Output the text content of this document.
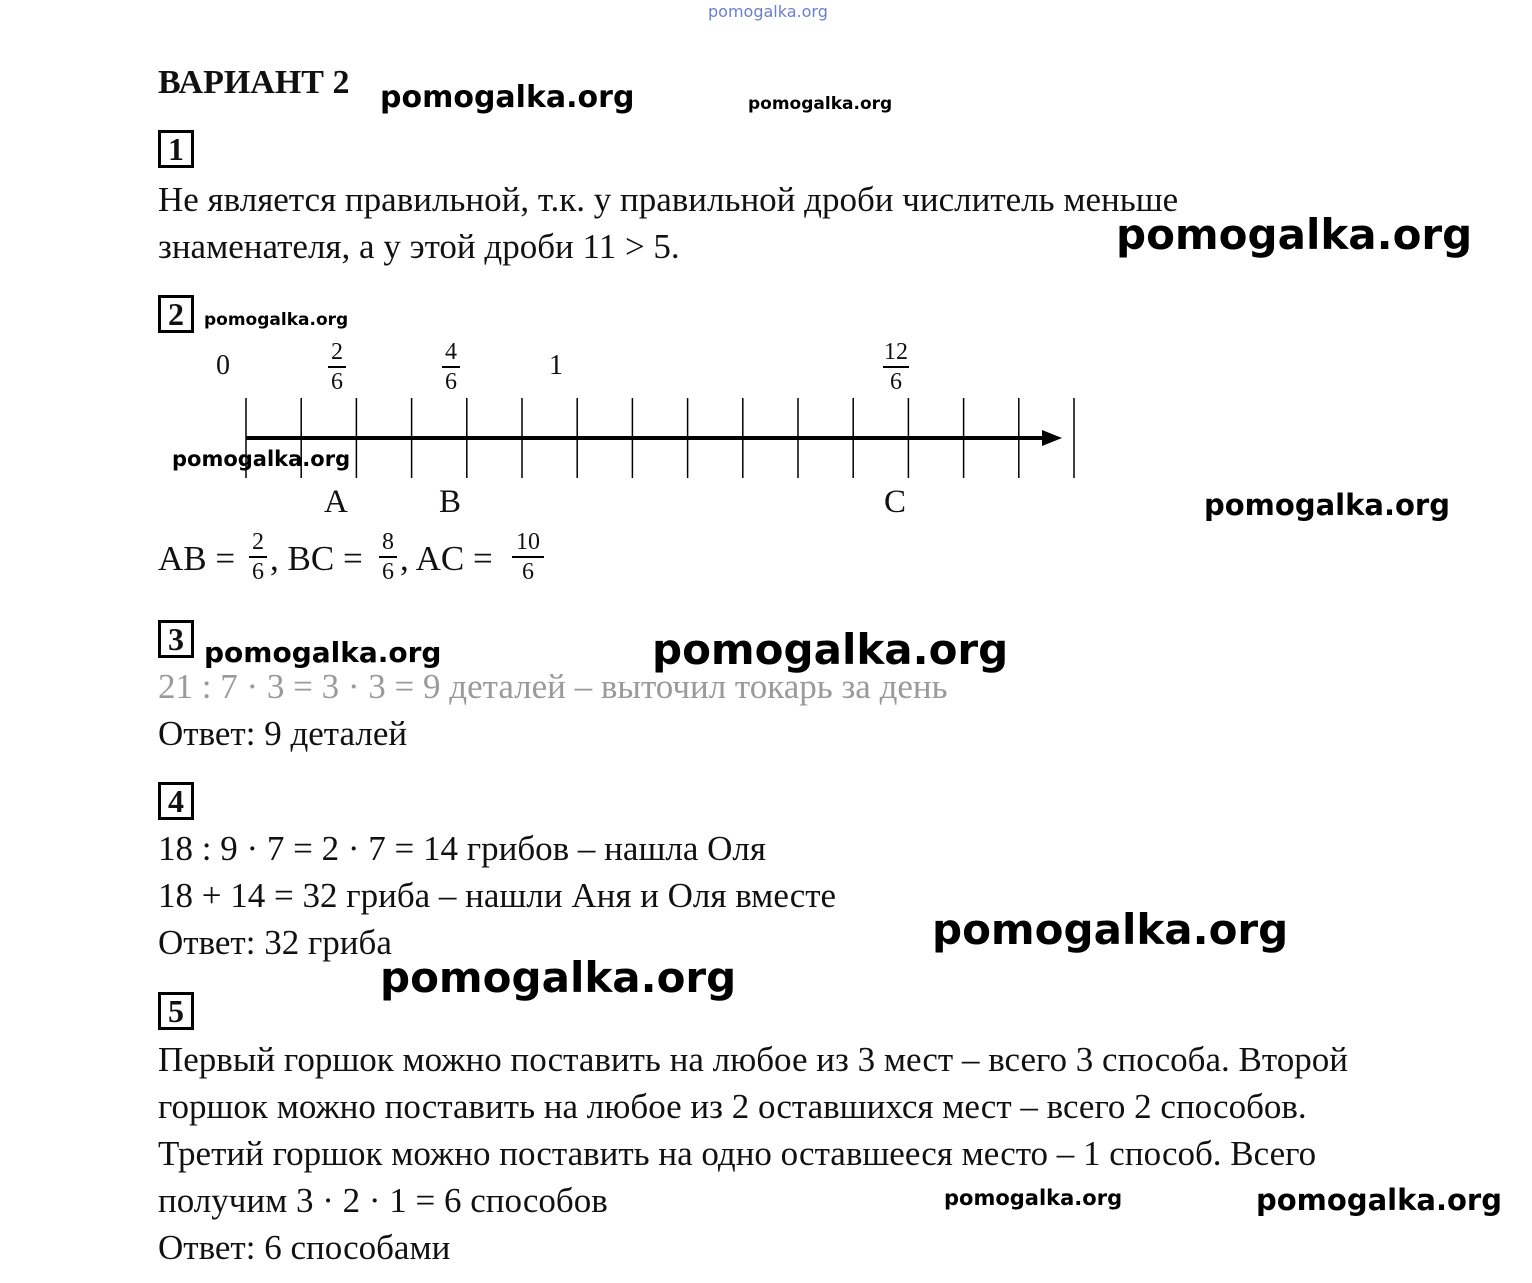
pomogalka.org
pomogalka.org	pomogalka.org
pomogalka.org
pomogalka.org
pomogalka.org
pomogalka.org
pomogalka.org	pomogalka.org
pomogalka.org
pomogalka.org
pomogalka.org	pomogalka.org
ВАРИАНТ 2
1
Не является правильной, т.к. у правильной дроби числитель меньше
знаменателя, а у этой дроби 11 > 5.
2
0	2
6
4
6
1	12
6
A	B	C
AB = 2
6 , BC = 8
6 , AC = 10
6
3
21 : 7 · 3 = 3 · 3 = 9 деталей – выточил токарь за день
Ответ: 9 деталей
4
18 : 9 · 7 = 2 · 7 = 14 грибов – нашла Оля
18 + 14 = 32 гриба – нашли Аня и Оля вместе
Ответ: 32 гриба
5
Первый горшок можно поставить на любое из 3 мест – всего 3 способа. Второй
горшок можно поставить на любое из 2 оставшихся мест – всего 2 способов.
Третий горшок можно поставить на одно оставшееся место – 1 способ. Всего
получим 3 · 2 · 1 = 6 способов
Ответ: 6 способами
